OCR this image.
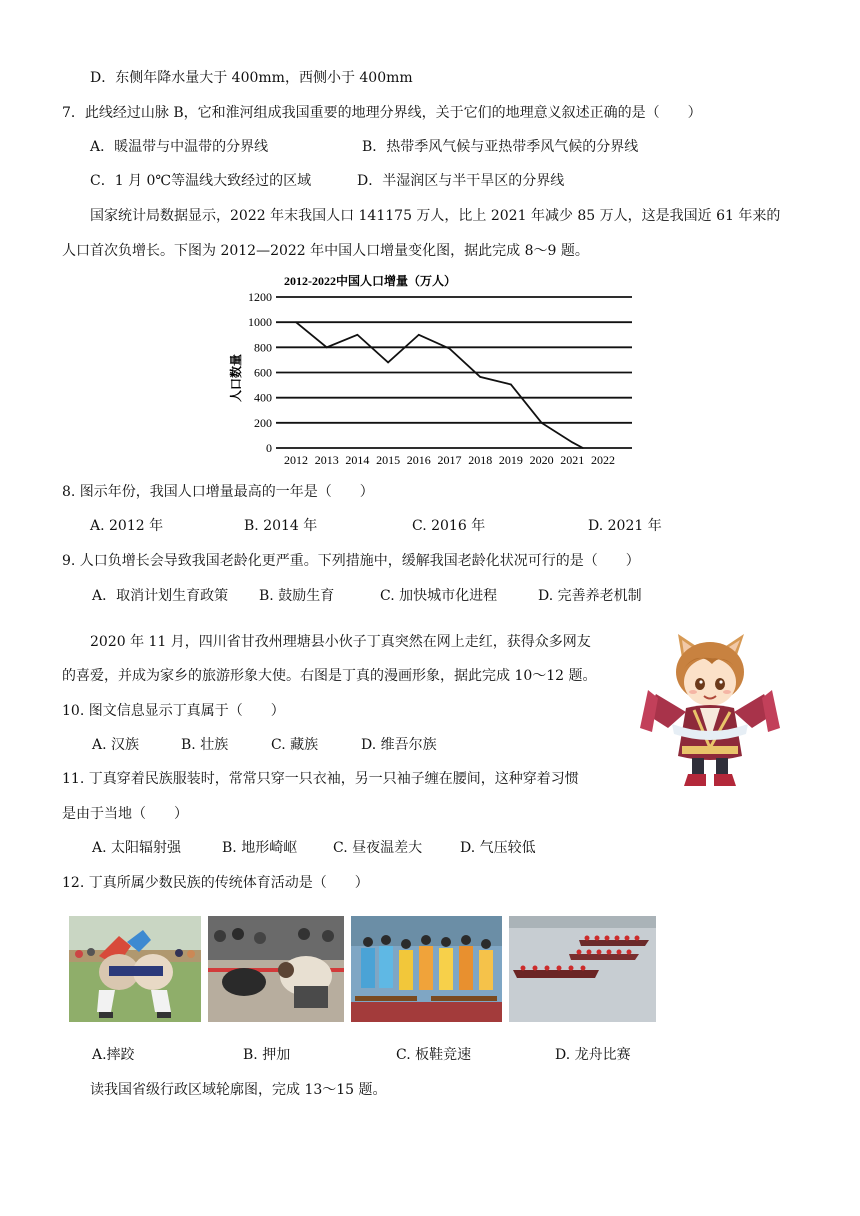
D．东侧年降水量大于 400mm，西侧小于 400mm
7．此线经过山脉 B，它和淮河组成我国重要的地理分界线，关于它们的地理意义叙述正确的是（　　）
A．暖温带与中温带的分界线	B．热带季风气候与亚热带季风气候的分界线
C．1 月 0℃等温线大致经过的区域	D．半湿润区与半干旱区的分界线
国家统计局数据显示，2022 年末我国人口 141175 万人，比上 2021 年减少 85 万人，这是我国近 61 年来的
人口首次负增长。下图为 2012—2022 年中国人口增量变化图，据此完成 8～9 题。
2012-2022中国人口增量（万人）
人口数量
0
200
400
600
800
1000
1200
2012 2013 2014 2015 2016 2017 2018 2019 2020 2021 2022
8. 图示年份，我国人口增量最高的一年是（　　）
A. 2012 年	B. 2014 年	C. 2016 年	D. 2021 年
9. 人口负增长会导致我国老龄化更严重。下列措施中，缓解我国老龄化状况可行的是（　　）
A．取消计划生育政策 B. 鼓励生育	C. 加快城市化进程	D. 完善养老机制
2020 年 11 月，四川省甘孜州理塘县小伙子丁真突然在网上走红，获得众多网友
的喜爱，并成为家乡的旅游形象大使。右图是丁真的漫画形象，据此完成 10～12 题。
10. 图文信息显示丁真属于（　　）
A. 汉族	B. 壮族	C. 藏族	D. 维吾尔族
11. 丁真穿着民族服装时，常常只穿一只衣袖，另一只袖子缠在腰间，这种穿着习惯
是由于当地（　　）
A. 太阳辐射强	B. 地形崎岖	C. 昼夜温差大	D. 气压较低
12. 丁真所属少数民族的传统体育活动是（　　）
A.摔跤	B. 押加	C. 板鞋竞速	D. 龙舟比赛
读我国省级行政区域轮廓图，完成 13～15 题。
